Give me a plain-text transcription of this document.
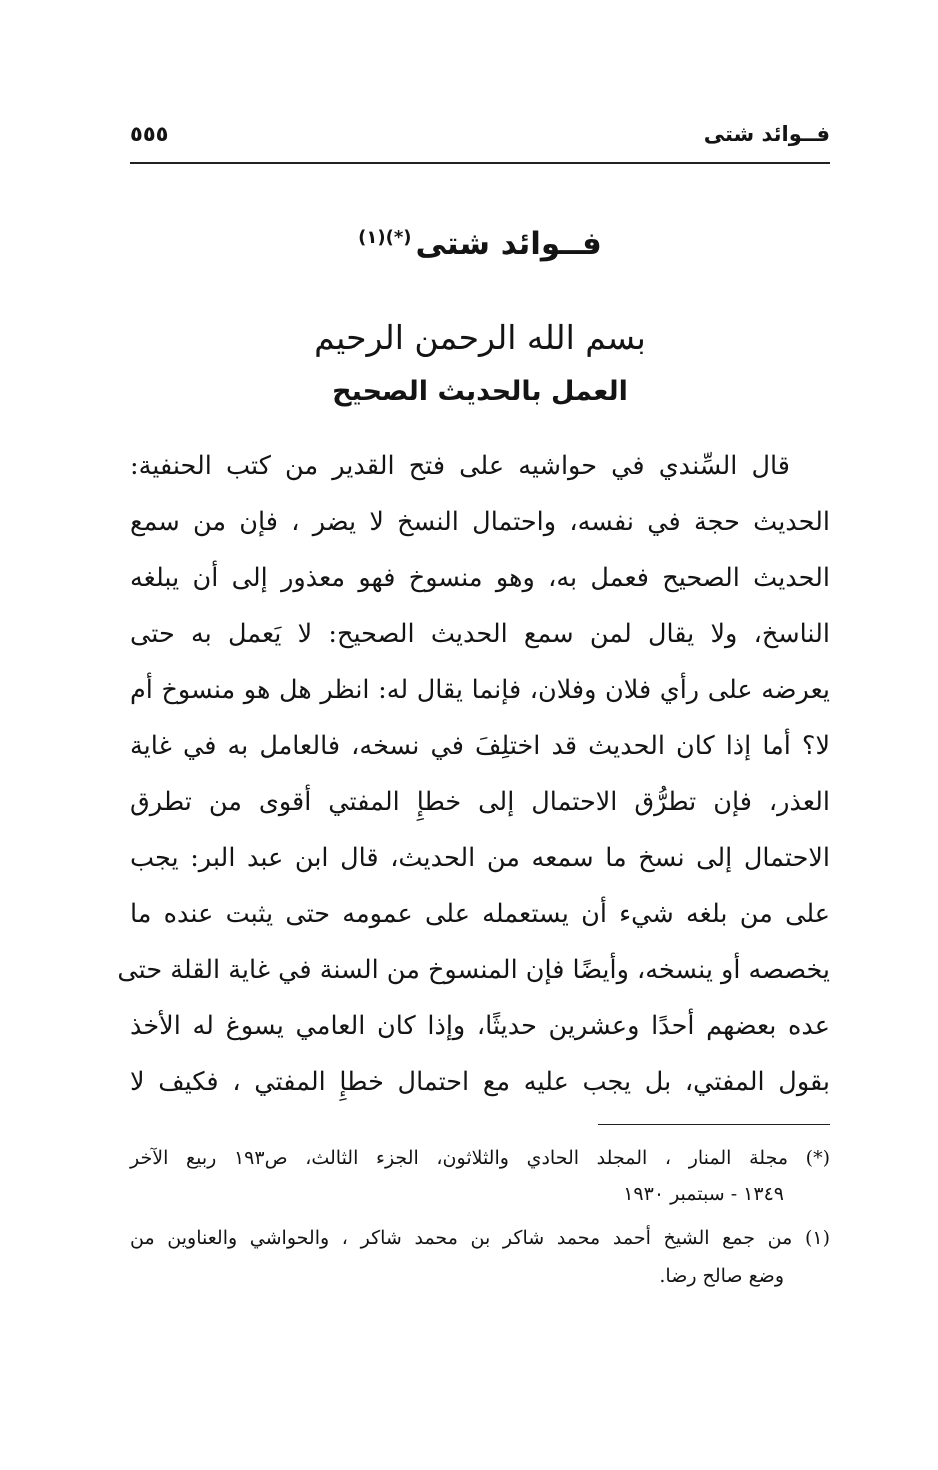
فــوائد شتى
٥٥٥
فــوائد شتى$^{(*)(١)}$
بسم الله الرحمن الرحيم
العمل بالحديث الصحيح
قال السِّندي في حواشيه على فتح القدير من كتب الحنفية:
الحديث حجة في نفسه، واحتمال النسخ لا يضر ، فإن من سمع
الحديث الصحيح فعمل به، وهو منسوخ فهو معذور إلى أن يبلغه
الناسخ، ولا يقال لمن سمع الحديث الصحيح: لا يَعمل به حتى
يعرضه على رأي فلان وفلان، فإنما يقال له: انظر هل هو منسوخ أم
لا؟ أما إذا كان الحديث قد اختلِفَ في نسخه، فالعامل به في غاية
العذر، فإن تطرُّق الاحتمال إلى خطإِ المفتي أقوى من تطرق
الاحتمال إلى نسخ ما سمعه من الحديث، قال ابن عبد البر: يجب
على من بلغه شيء أن يستعمله على عمومه حتى يثبت عنده ما
يخصصه أو ينسخه، وأيضًا فإن المنسوخ من السنة في غاية القلة حتى
عده بعضهم أحدًا وعشرين حديثًا، وإذا كان العامي يسوغ له الأخذ
بقول المفتي، بل يجب عليه مع احتمال خطإِ المفتي ، فكيف لا
(*) مجلة المنار ، المجلد الحادي والثلاثون، الجزء الثالث، ص١٩٣ ربيع الآخر
١٣٤٩ - سبتمبر ١٩٣٠
(١) من جمع الشيخ أحمد محمد شاكر بن محمد شاكر ، والحواشي والعناوين من
وضع صالح رضا.
